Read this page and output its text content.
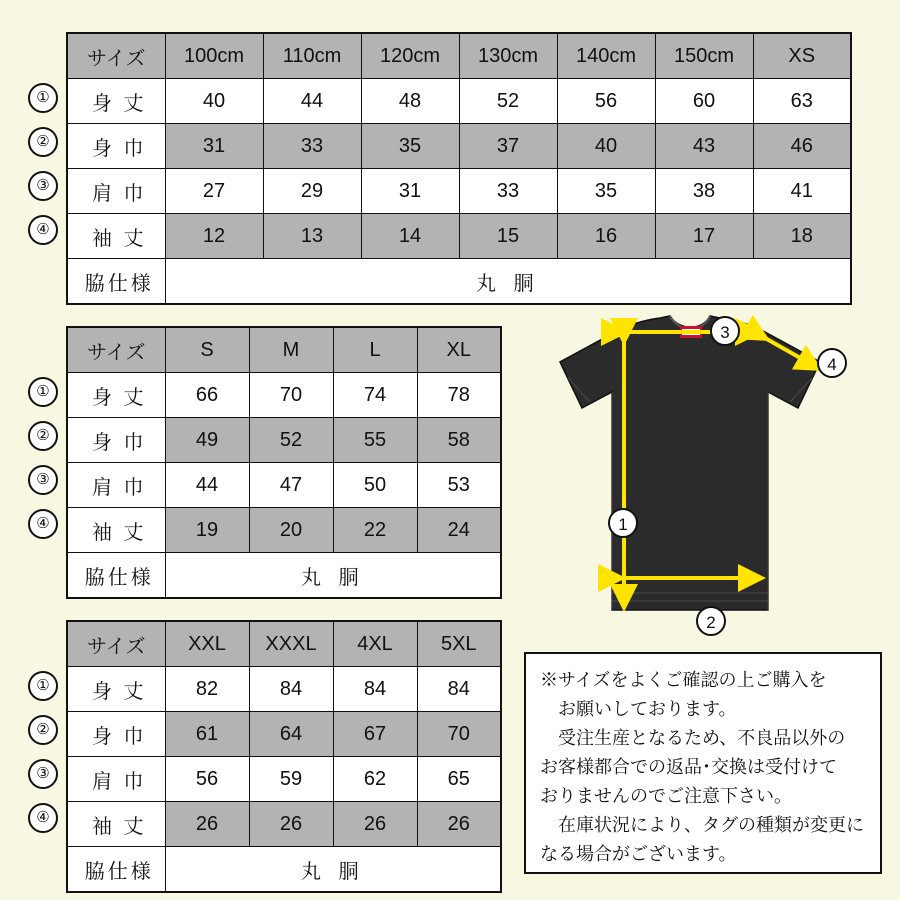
①
②
③
④
サイズ	100cm	110cm	120cm	130cm	140cm	150cm	XS
身 丈	40	44	48	52	56	60	63
身 巾	31	33	35	37	40	43	46
肩 巾	27	29	31	33	35	38	41
袖 丈	12	13	14	15	16	17	18
脇仕様	丸 胴						
①
②
③
④
サイズ	S	M	L	XL
身 丈	66	70	74	78
身 巾	49	52	55	58
肩 巾	44	47	50	53
袖 丈	19	20	22	24
脇仕様	丸 胴			
①
②
③
④
サイズ	XXL	XXXL	4XL	5XL
身 丈	82	84	84	84
身 巾	61	64	67	70
肩 巾	56	59	62	65
袖 丈	26	26	26	26
脇仕様	丸 胴			
3
4
1
2

※サイズをよくご確認の上ご購入を

お願いしております。

受注生産となるため、不良品以外の

お客様都合での返品･交換は受付けて

おりませんのでご注意下さい。

在庫状況により、タグの種類が変更に

なる場合がございます。
